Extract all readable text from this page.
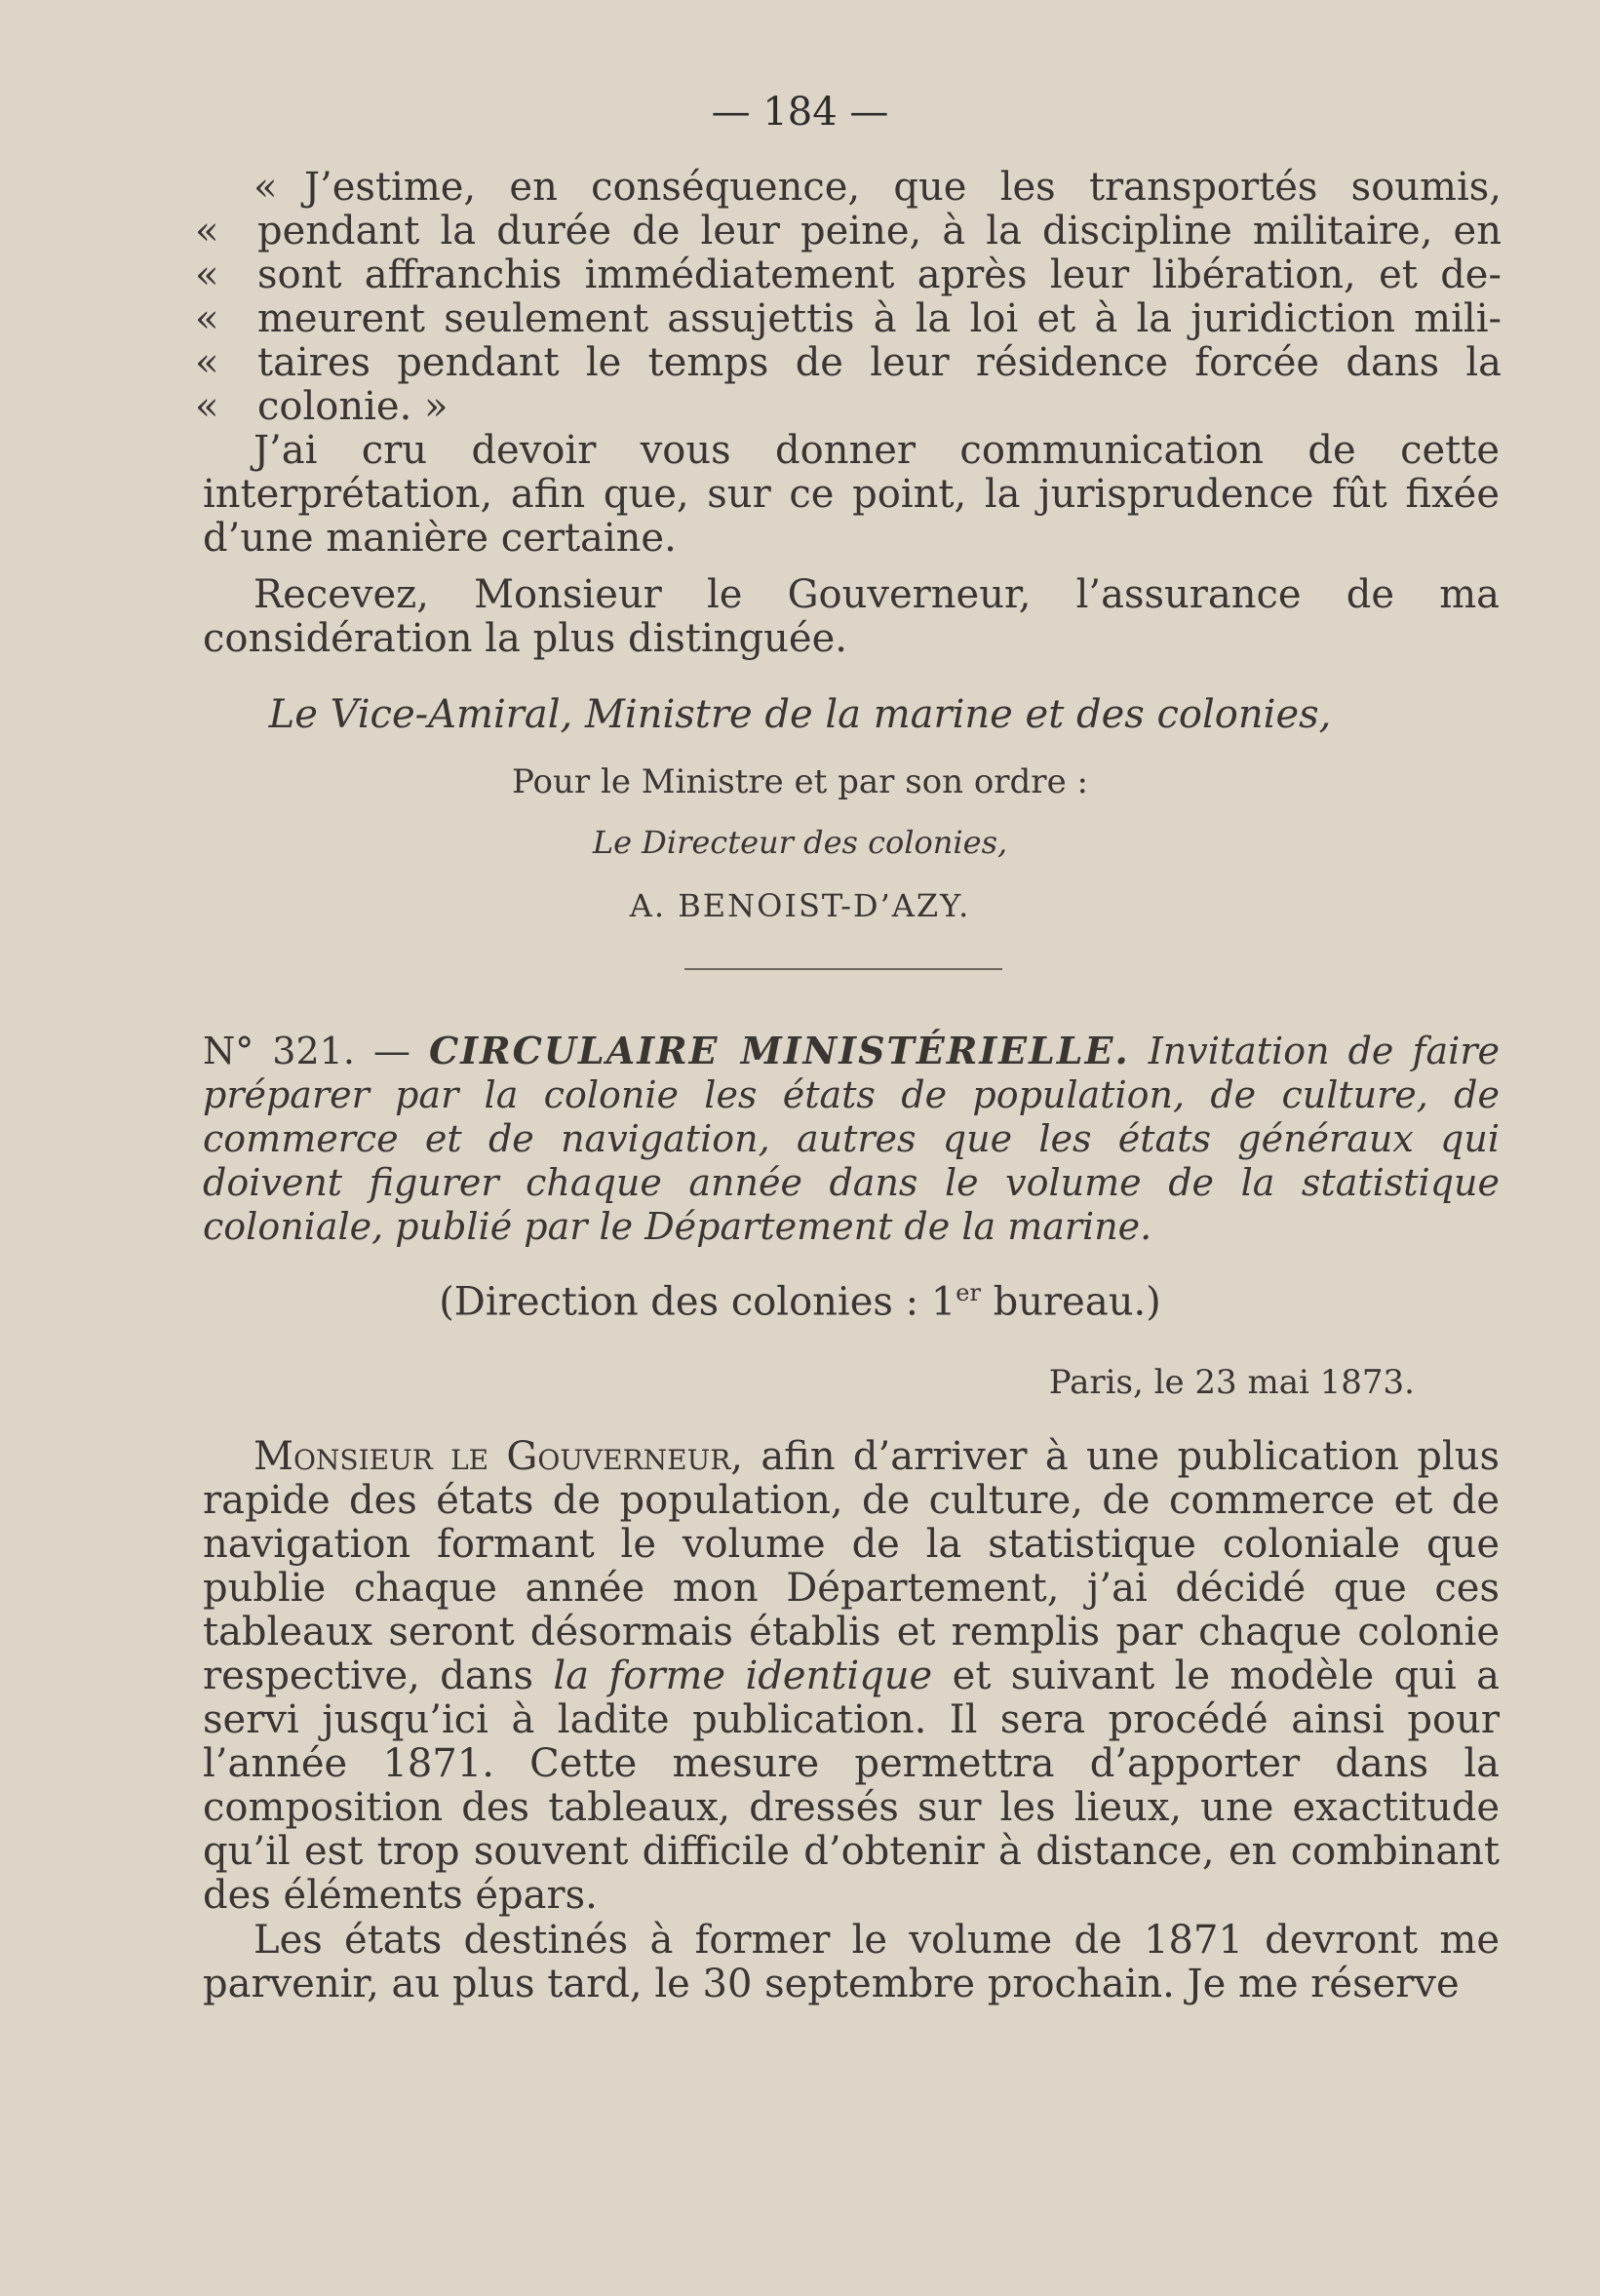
— 184 —
« J’estime, en conséquence, que les transportés soumis,
« pendant la durée de leur peine, à la discipline militaire, en
« sont affranchis immédiatement après leur libération, et de-
« meurent seulement assujettis à la loi et à la juridiction mili-
« taires pendant le temps de leur résidence forcée dans la
« colonie. »
J’ai cru devoir vous donner communication de cette interprétation, afin que, sur ce point, la jurisprudence fût fixée d’une manière certaine.
Recevez, Monsieur le Gouverneur, l’assurance de ma considération la plus distinguée.
Le Vice-Amiral, Ministre de la marine et des colonies,
Pour le Ministre et par son ordre :
Le Directeur des colonies,
A. BENOIST-D’AZY.
N° 321. — CIRCULAIRE MINISTÉRIELLE. Invitation de faire préparer par la colonie les états de population, de culture, de commerce et de navigation, autres que les états généraux qui doivent figurer chaque année dans le volume de la statistique coloniale, publié par le Département de la marine.
(Direction des colonies : 1er bureau.)
Paris, le 23 mai 1873.
Monsieur le Gouverneur, afin d’arriver à une publication plus rapide des états de population, de culture, de commerce et de navigation formant le volume de la statistique coloniale que publie chaque année mon Département, j’ai décidé que ces tableaux seront désormais établis et remplis par chaque colonie respective, dans la forme identique et suivant le modèle qui a servi jusqu’ici à ladite publication. Il sera procédé ainsi pour l’année 1871. Cette mesure permettra d’apporter dans la composition des tableaux, dressés sur les lieux, une exactitude qu’il est trop souvent difficile d’obtenir à distance, en combinant des éléments épars.
Les états destinés à former le volume de 1871 devront me parvenir, au plus tard, le 30 septembre prochain. Je me réserve
